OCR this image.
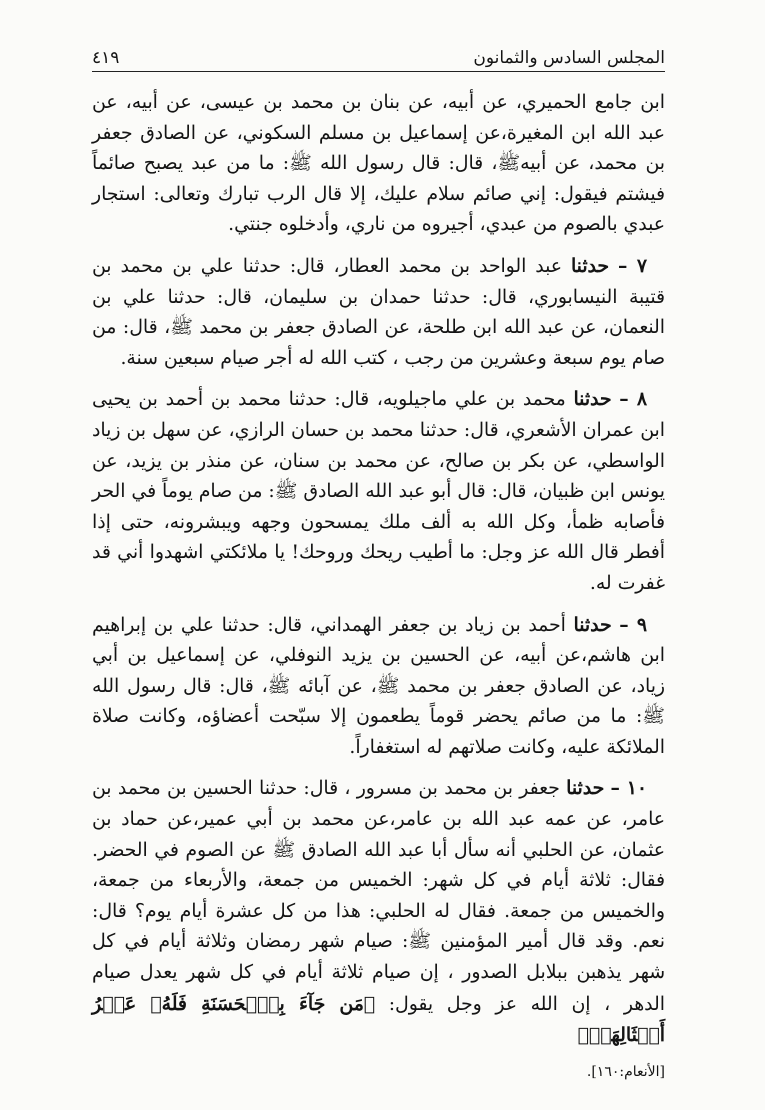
٤١٩	المجلس السادس والثمانون

ابن جامع الحميري، عن أبيه، عن بنان بن محمد بن عيسى، عن أبيه، عن عبد الله ابن المغيرة،عن إسماعيل بن مسلم السكوني، عن الصادق جعفر بن محمد، عن أبيهﷺ، قال: قال رسول الله ﷺ: ما من عبد يصبح صائماً فيشتم فيقول: إني صائم سلام عليك، إلا قال الرب تبارك وتعالى: استجار عبدي بالصوم من عبدي، أجيروه من ناري، وأدخلوه جنتي.

٧ – حدثنا عبد الواحد بن محمد العطار، قال: حدثنا علي بن محمد بن قتيبة النيسابوري، قال: حدثنا حمدان بن سليمان، قال: حدثنا علي بن النعمان، عن عبد الله ابن طلحة، عن الصادق جعفر بن محمد ﷺ، قال: من صام يوم سبعة وعشرين من رجب ، كتب الله له أجر صيام سبعين سنة.

٨ – حدثنا محمد بن علي ماجيلويه، قال: حدثنا محمد بن أحمد بن يحيى ابن عمران الأشعري، قال: حدثنا محمد بن حسان الرازي، عن سهل بن زياد الواسطي، عن بكر بن صالح، عن محمد بن سنان، عن منذر بن يزيد، عن يونس ابن ظبيان، قال: قال أبو عبد الله الصادق ﷺ: من صام يوماً في الحر فأصابه ظمأ، وكل الله به ألف ملك يمسحون وجهه ويبشرونه، حتى إذا أفطر قال الله عز وجل: ما أطيب ريحك وروحك! يا ملائكتي اشهدوا أني قد غفرت له.

٩ – حدثنا أحمد بن زياد بن جعفر الهمداني، قال: حدثنا علي بن إبراهيم ابن هاشم،عن أبيه، عن الحسين بن يزيد النوفلي، عن إسماعيل بن أبي زياد، عن الصادق جعفر بن محمد ﷺ، عن آبائه ﷺ، قال: قال رسول الله ﷺ: ما من صائم يحضر قوماً يطعمون إلا سبّحت أعضاؤه، وكانت صلاة الملائكة عليه، وكانت صلاتهم له استغفاراً.

١٠ – حدثنا جعفر بن محمد بن مسرور ، قال: حدثنا الحسين بن محمد بن عامر، عن عمه عبد الله بن عامر،عن محمد بن أبي عمير،عن حماد بن عثمان، عن الحلبي أنه سأل أبا عبد الله الصادق ﷺ عن الصوم في الحضر. فقال: ثلاثة أيام في كل شهر: الخميس من جمعة، والأربعاء من جمعة، والخميس من جمعة. فقال له الحلبي: هذا من كل عشرة أيام يوم؟ قال: نعم. وقد قال أمير المؤمنين ﷺ: صيام شهر رمضان وثلاثة أيام في كل شهر يذهبن ببلابل الصدور ، إن صيام ثلاثة أيام في كل شهر يعدل صيام الدهر ، إن الله عز وجل يقول: ﴿مَن جَآءَ بِٱلۡحَسَنَةِ فَلَهُۥ عَشۡرُ أَمۡثَالِهَاۖ﴾

[الأنعام:١٦٠].
